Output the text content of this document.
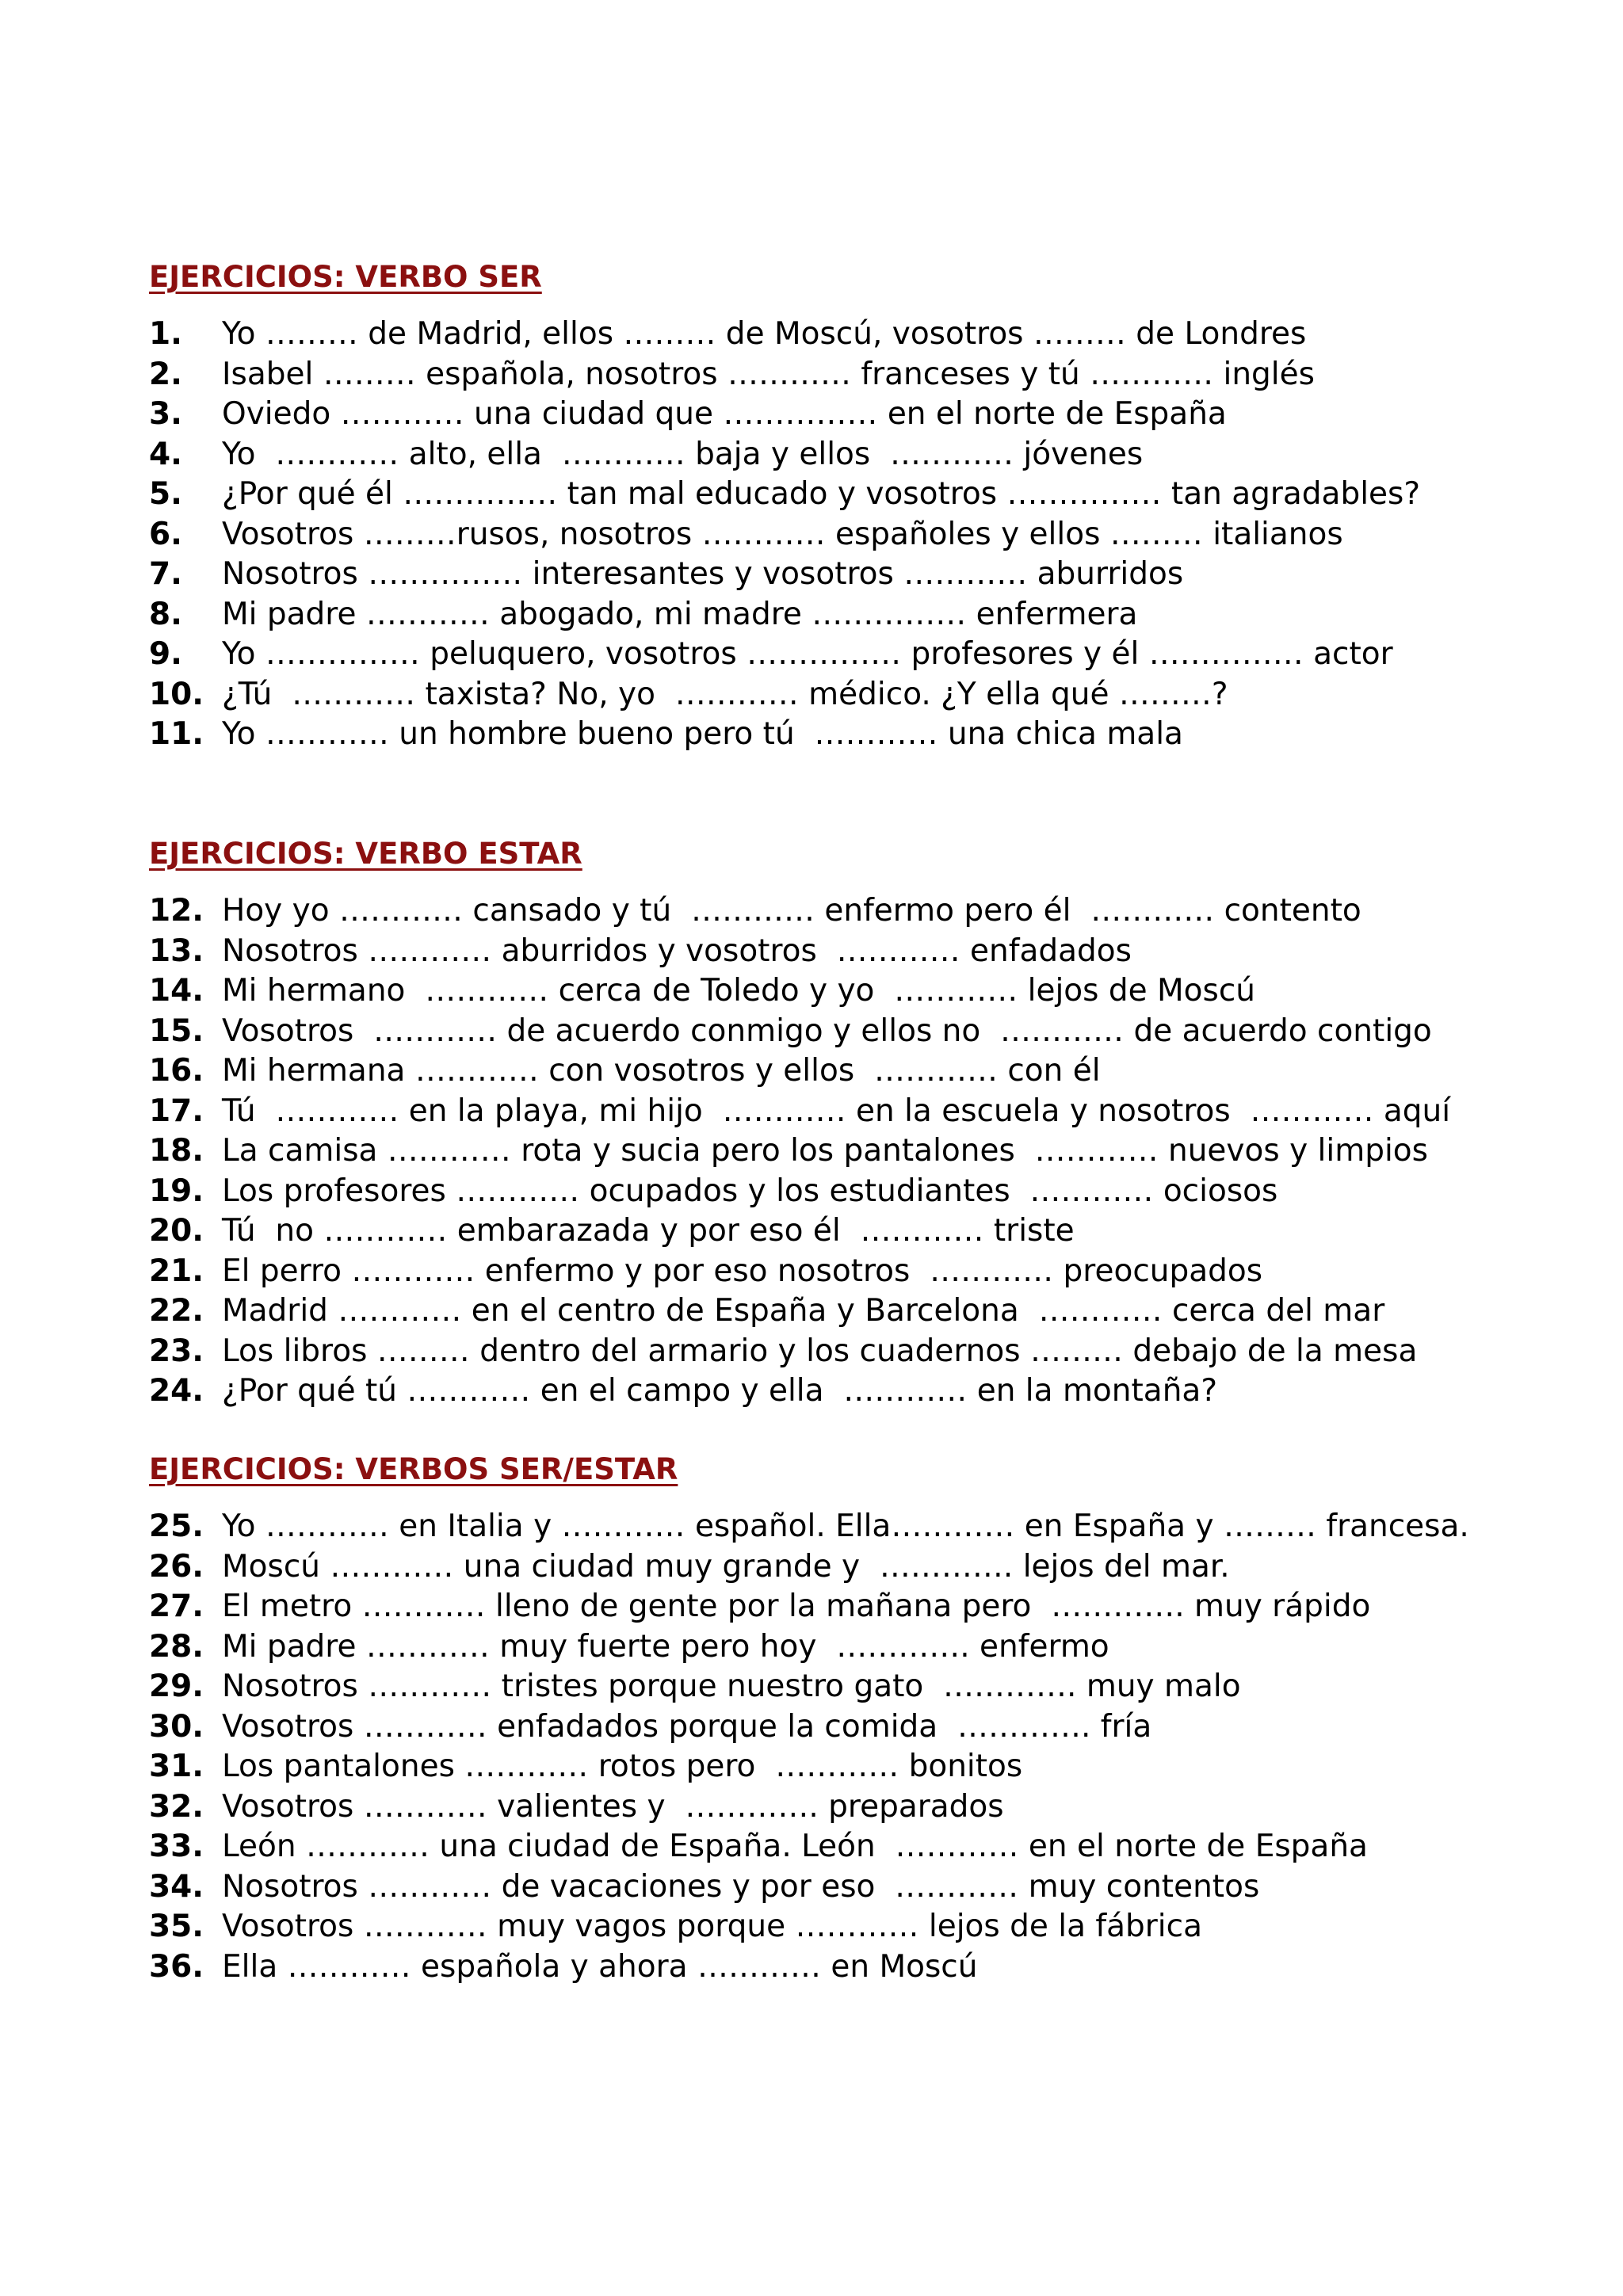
EJERCICIOS: VERBO SER
1.	Yo ……… de Madrid, ellos ……… de Moscú, vosotros ……… de Londres
2.	Isabel ……… española, nosotros ………… franceses y tú ………… inglés
3.	Oviedo ………… una ciudad que …………… en el norte de España
4.	Yo  ………… alto, ella  ………… baja y ellos  ………… jóvenes
5.	¿Por qué él …………… tan mal educado y vosotros …………… tan agradables?
6.	Vosotros ………rusos, nosotros ………… españoles y ellos ……… italianos
7.	Nosotros …………… interesantes y vosotros ………… aburridos
8.	Mi padre ………… abogado, mi madre …………… enfermera
9.	Yo …………… peluquero, vosotros …………… profesores y él …………… actor
10. ¿Tú  ………… taxista? No, yo  ………… médico. ¿Y ella qué ………?
11. Yo ………… un hombre bueno pero tú  ………… una chica mala
EJERCICIOS: VERBO ESTAR
12. Hoy yo ………… cansado y tú  ………… enfermo pero él  ………… contento
13. Nosotros ………… aburridos y vosotros  ………… enfadados
14. Mi hermano  ………… cerca de Toledo y yo  ………… lejos de Moscú
15. Vosotros  ………… de acuerdo conmigo y ellos no  ………… de acuerdo contigo
16. Mi hermana ………… con vosotros y ellos  ………… con él
17. Tú  ………… en la playa, mi hijo  ………… en la escuela y nosotros  ………… aquí
18. La camisa ………… rota y sucia pero los pantalones  ………… nuevos y limpios
19. Los profesores ………… ocupados y los estudiantes  ………… ociosos
20. Tú  no ………… embarazada y por eso él  ………… triste
21. El perro ………… enfermo y por eso nosotros  ………… preocupados
22. Madrid ………… en el centro de España y Barcelona  ………… cerca del mar
23. Los libros ……… dentro del armario y los cuadernos ……… debajo de la mesa
24. ¿Por qué tú ………… en el campo y ella  ………… en la montaña?
EJERCICIOS: VERBOS SER/ESTAR
25. Yo ………… en Italia y ………… español. Ella………… en España y ……… francesa.
26. Moscú ………… una ciudad muy grande y  …………. lejos del mar.
27. El metro ………… lleno de gente por la mañana pero  …………. muy rápido
28. Mi padre ………… muy fuerte pero hoy  …………. enfermo
29. Nosotros ………… tristes porque nuestro gato  …………. muy malo
30. Vosotros ………… enfadados porque la comida  …………. fría
31. Los pantalones ………… rotos pero  ………… bonitos
32. Vosotros ………… valientes y  …………. preparados
33. León ………… una ciudad de España. León  ………… en el norte de España
34. Nosotros ………… de vacaciones y por eso  ………… muy contentos
35. Vosotros ………… muy vagos porque ………… lejos de la fábrica
36. Ella ………… española y ahora ………… en Moscú
